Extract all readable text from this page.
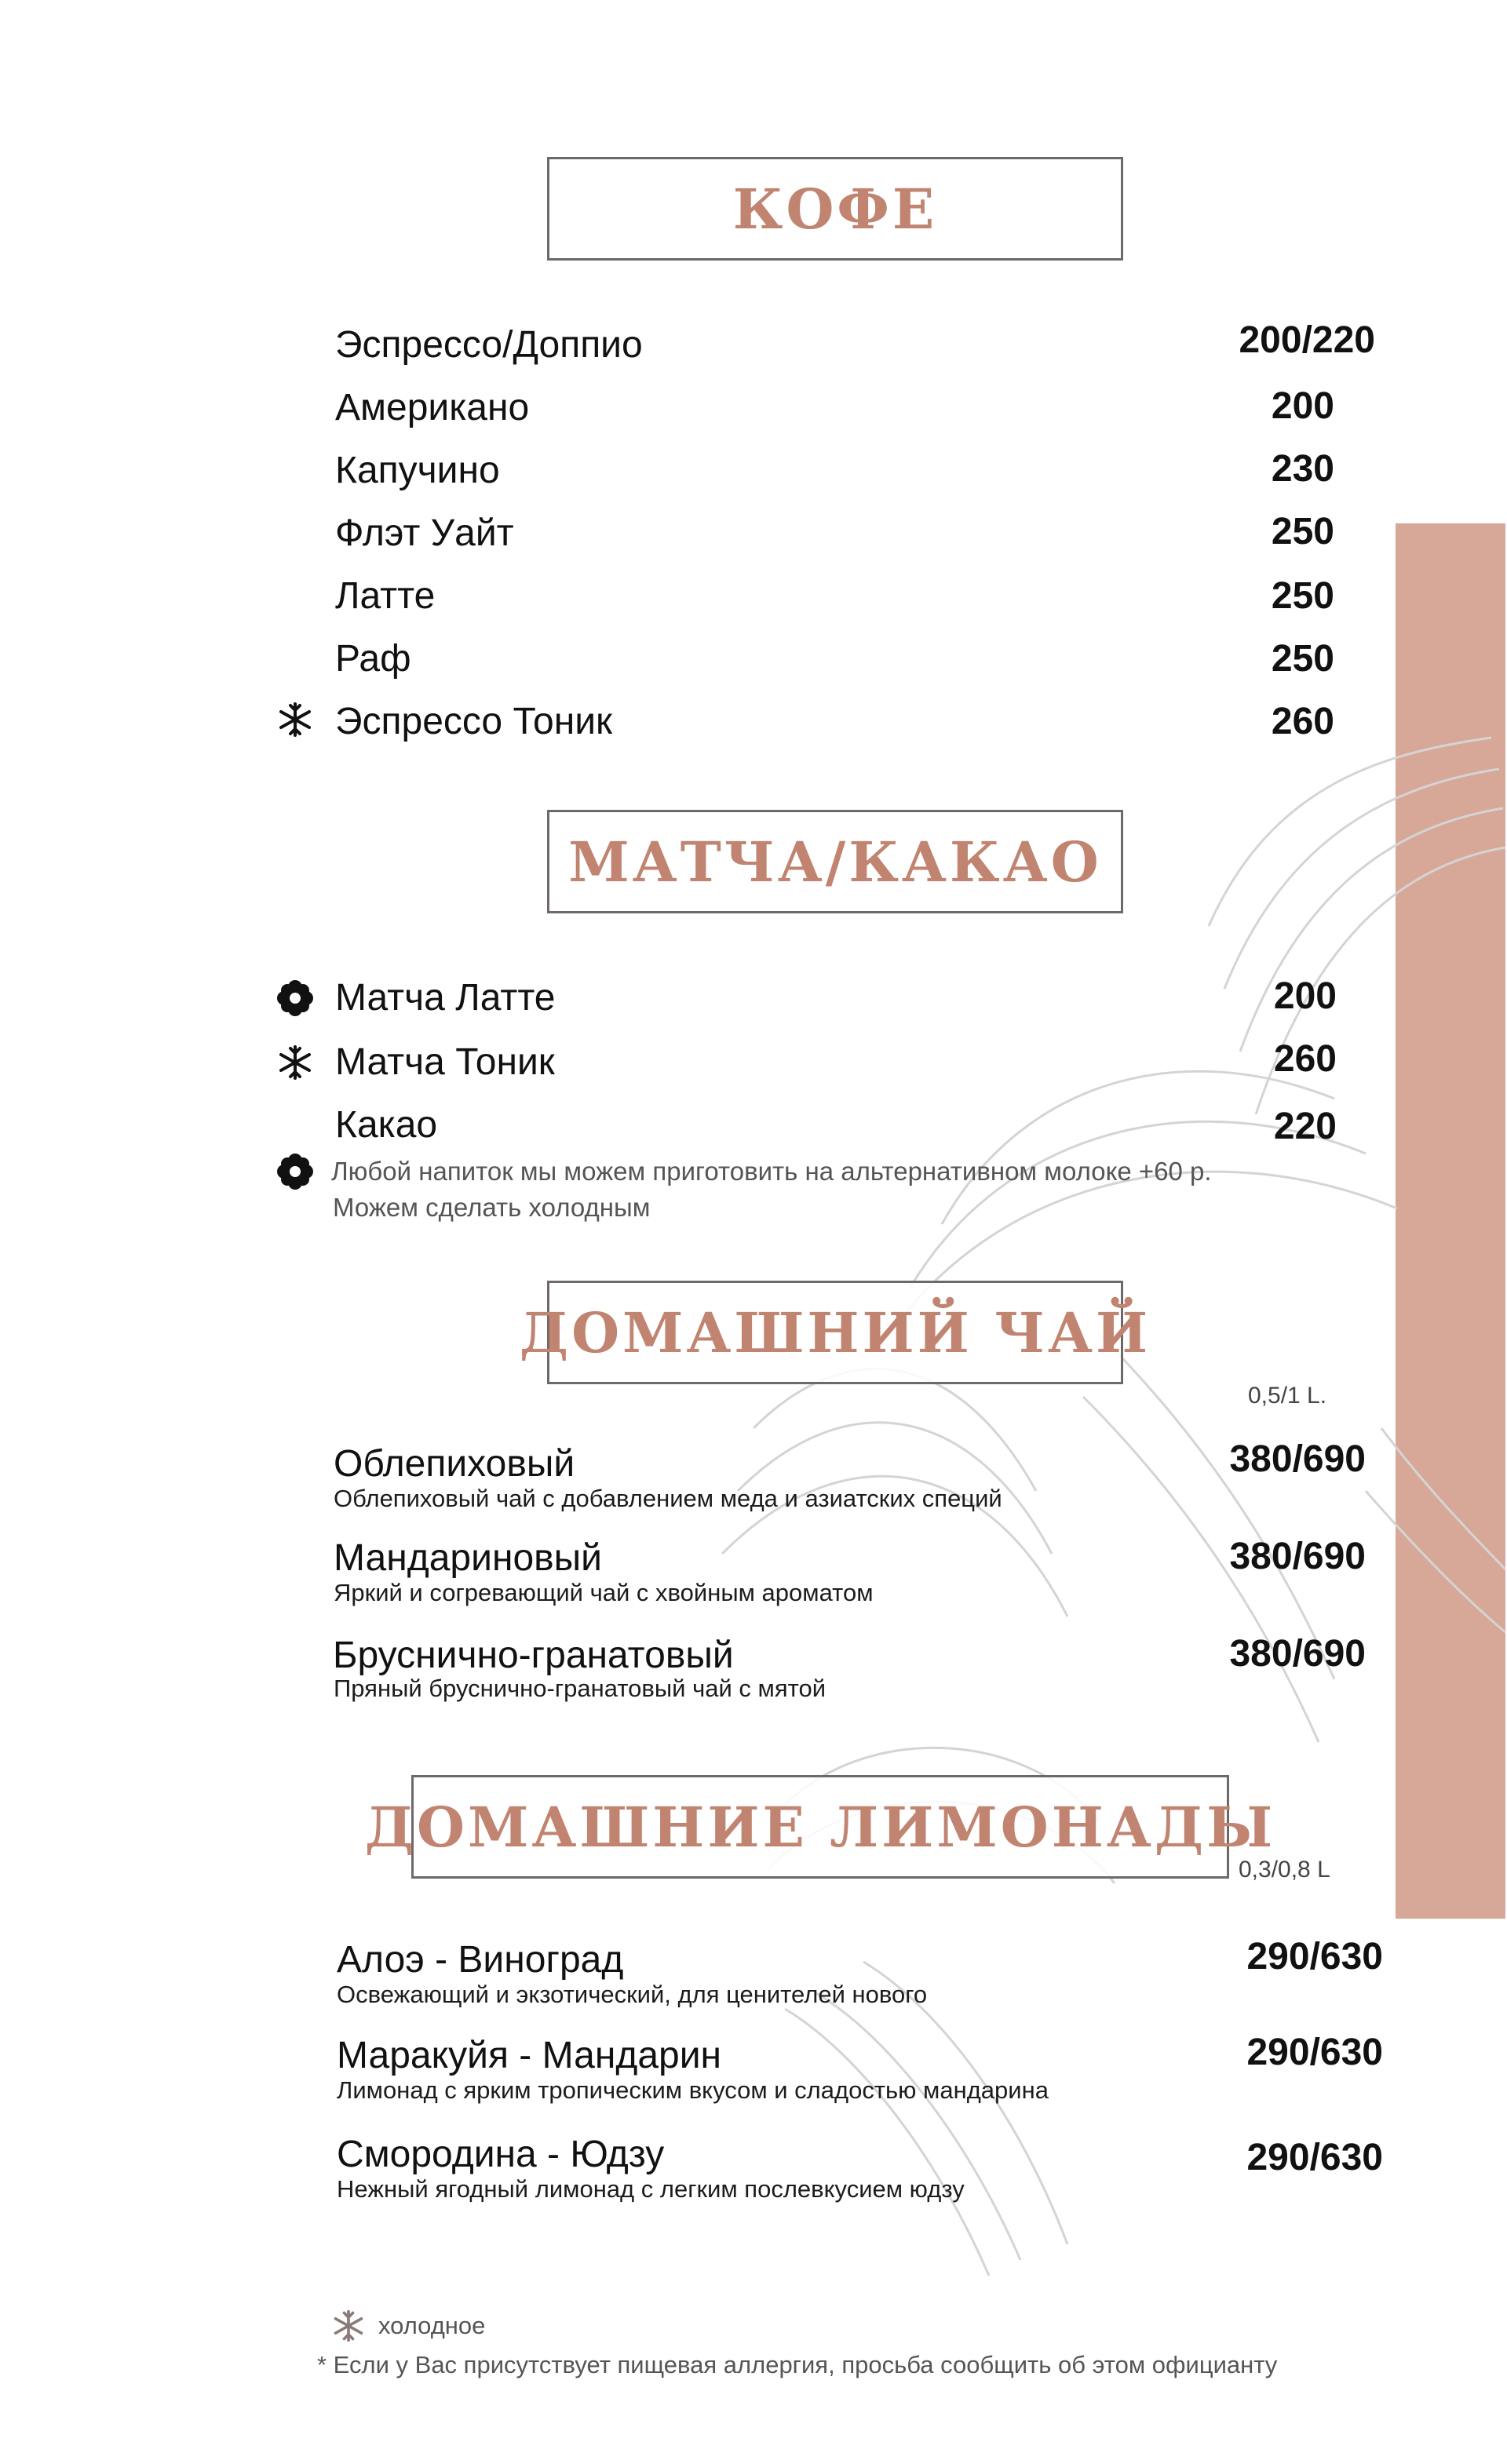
КОФЕ
Эспрессо/Доппио	200/220
Американо	200
Капучино	230
Флэт Уайт	250
Латте	250
Раф	250
Эспрессо Тоник	260
МАТЧА/КАКАО
Матча Латте	200
Матча Тоник	260
Какао	220
Любой напиток мы можем приготовить на альтернативном молоке +60 р.
Можем сделать холодным
ДОМАШНИЙ ЧАЙ
0,5/1 L.
Облепиховый
Облепиховый чай с добавлением меда и азиатских специй
380/690
Мандариновый
Яркий и согревающий чай с хвойным ароматом
380/690
Бруснично-гранатовый
Пряный бруснично-гранатовый чай с мятой
380/690
ДОМАШНИЕ ЛИМОНАДЫ
0,3/0,8 L
Алоэ - Виноград
Освежающий и экзотический, для ценителей нового
290/630
Маракуйя - Мандарин
Лимонад с ярким тропическим вкусом и сладостью мандарина
290/630
Смородина - Юдзу
Нежный ягодный лимонад с легким послевкусием юдзу
290/630
холодное
* Если у Вас присутствует пищевая аллергия, просьба сообщить об этом официанту
